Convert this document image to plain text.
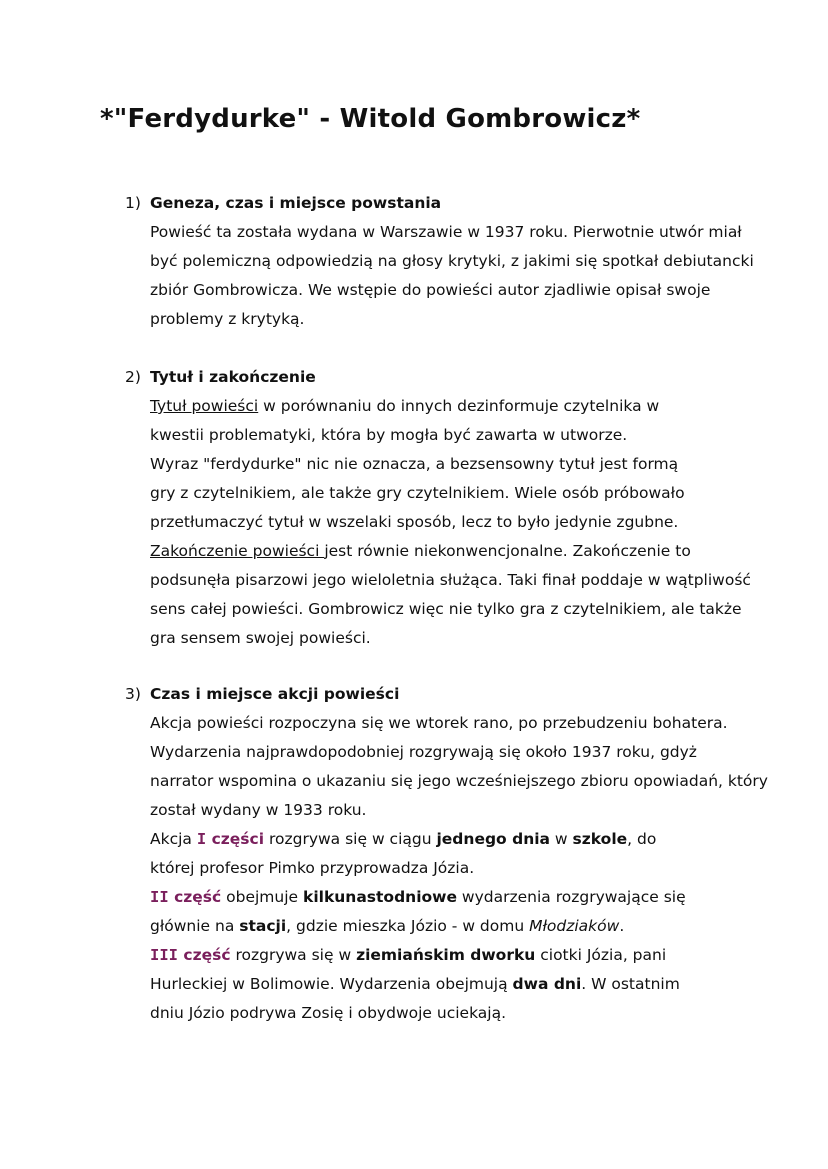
*"Ferdydurke" - Witold Gombrowicz*
1) Geneza, czas i miejsce powstania
Powieść ta została wydana w Warszawie w 1937 roku. Pierwotnie utwór miał
być polemiczną odpowiedzią na głosy krytyki, z jakimi się spotkał debiutancki
zbiór Gombrowicza. We wstępie do powieści autor zjadliwie opisał swoje
problemy z krytyką.
2) Tytuł i zakończenie
Tytuł powieści w porównaniu do innych dezinformuje czytelnika w
kwestii problematyki, która by mogła być zawarta w utworze.
Wyraz "ferdydurke" nic nie oznacza, a bezsensowny tytuł jest formą
gry z czytelnikiem, ale także gry czytelnikiem. Wiele osób próbowało
przetłumaczyć tytuł w wszelaki sposób, lecz to było jedynie zgubne.
Zakończenie powieści jest równie niekonwencjonalne. Zakończenie to
podsunęła pisarzowi jego wieloletnia służąca. Taki finał poddaje w wątpliwość
sens całej powieści. Gombrowicz więc nie tylko gra z czytelnikiem, ale także
gra sensem swojej powieści.
3) Czas i miejsce akcji powieści
Akcja powieści rozpoczyna się we wtorek rano, po przebudzeniu bohatera.
Wydarzenia najprawdopodobniej rozgrywają się około 1937 roku, gdyż
narrator wspomina o ukazaniu się jego wcześniejszego zbioru opowiadań, który
został wydany w 1933 roku.
Akcja I części rozgrywa się w ciągu jednego dnia w szkole, do
której profesor Pimko przyprowadza Józia.
II część obejmuje kilkunastodniowe wydarzenia rozgrywające się
głównie na stacji, gdzie mieszka Józio - w domu Młodziaków.
III część rozgrywa się w ziemiańskim dworku ciotki Józia, pani
Hurleckiej w Bolimowie. Wydarzenia obejmują dwa dni. W ostatnim
dniu Józio podrywa Zosię i obydwoje uciekają.
